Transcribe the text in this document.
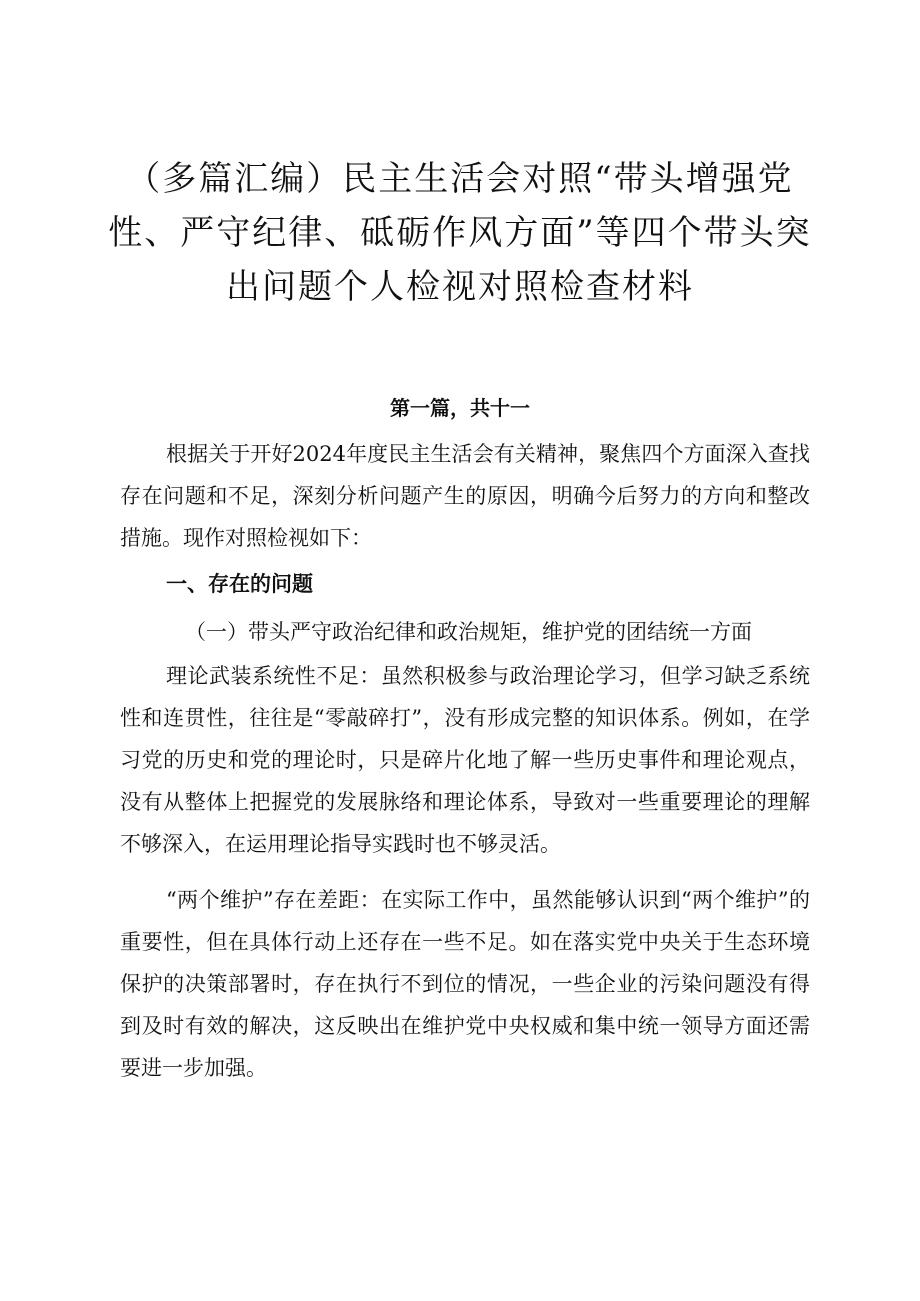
（多篇汇编）民主生活会对照“带头增强党性、严守纪律、砥砺作风方面”等四个带头突出问题个人检视对照检查材料
第一篇，共十一

根据关于开好2024年度民主生活会有关精神，聚焦四个方面深入查找存在问题和不足，深刻分析问题产生的原因，明确今后努力的方向和整改措施。现作对照检视如下：

一、存在的问题
（一）带头严守政治纪律和政治规矩，维护党的团结统一方面

理论武装系统性不足：虽然积极参与政治理论学习，但学习缺乏系统性和连贯性，往往是“零敲碎打”，没有形成完整的知识体系。例如，在学习党的历史和党的理论时，只是碎片化地了解一些历史事件和理论观点，没有从整体上把握党的发展脉络和理论体系，导致对一些重要理论的理解不够深入，在运用理论指导实践时也不够灵活。

“两个维护”存在差距：在实际工作中，虽然能够认识到“两个维护”的重要性，但在具体行动上还存在一些不足。如在落实党中央关于生态环境保护的决策部署时，存在执行不到位的情况，一些企业的污染问题没有得到及时有效的解决，这反映出在维护党中央权威和集中统一领导方面还需要进一步加强。
